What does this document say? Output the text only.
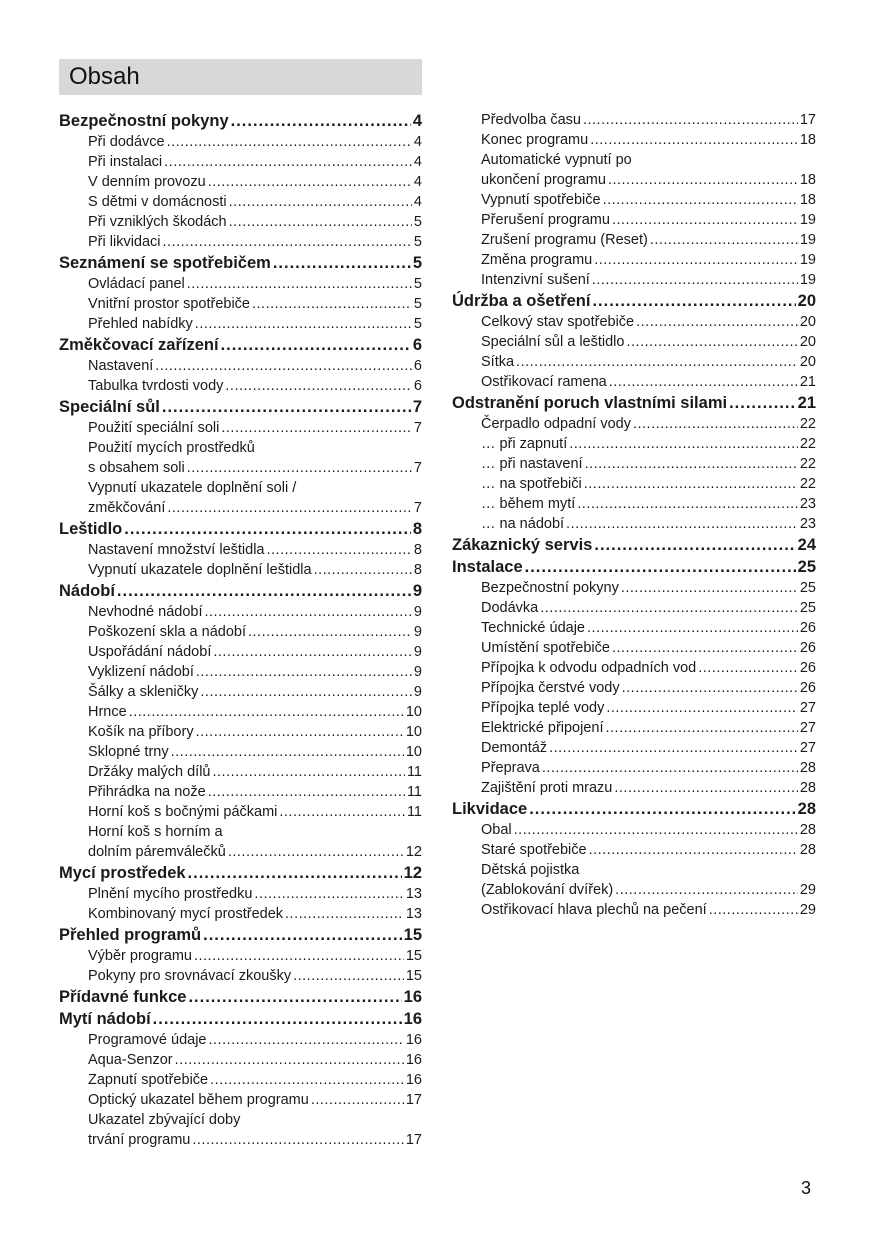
Obsah
Bezpečnostní pokyny .....	4
Při dodávce .....	4
Při instalaci .....	4
V denním provozu .....	4
S dětmi v domácnosti .....	4
Při vzniklých škodách .....	5
Při likvidaci .....	5
Seznámení se spotřebičem .....	5
Ovládací panel .....	5
Vnitřní prostor spotřebiče .....	5
Přehled nabídky .....	5
Změkčovací zařízení .....	6
Nastavení .....	6
Tabulka tvrdosti vody .....	6
Speciální sůl .....	7
Použití speciální soli .....	7
Použití mycích prostředků
s obsahem soli .....	7
Vypnutí ukazatele doplnění soli /
změkčování .....	7
Leštidlo .....	8
Nastavení množství leštidla .....	8
Vypnutí ukazatele doplnění leštidla .....	8
Nádobí .....	9
Nevhodné nádobí .....	9
Poškození skla a nádobí .....	9
Uspořádání nádobí .....	9
Vyklizení nádobí .....	9
Šálky a skleničky .....	9
Hrnce .....	10
Košík na příbory .....	10
Sklopné trny .....	10
Držáky malých dílů .....	11
Přihrádka na nože .....	11
Horní koš s bočnými páčkami .....	11
Horní koš s horním a
dolním páremválečků .....	12
Mycí prostředek .....	12
Plnění mycího prostředku .....	13
Kombinovaný mycí prostředek .....	13
Přehled programů .....	15
Výběr programu .....	15
Pokyny pro srovnávací zkoušky .....	15
Přídavné funkce .....	16
Mytí nádobí .....	16
Programové údaje .....	16
Aqua-Senzor .....	16
Zapnutí spotřebiče .....	16
Optický ukazatel během programu .....	17
Ukazatel zbývající doby
trvání programu .....	17
Předvolba času .....	17
Konec programu .....	18
Automatické vypnutí po
ukončení programu .....	18
Vypnutí spotřebiče .....	18
Přerušení programu .....	19
Zrušení programu (Reset) .....	19
Změna programu .....	19
Intenzivní sušení .....	19
Údržba a ošetření .....	20
Celkový stav spotřebiče .....	20
Speciální sůl a leštidlo .....	20
Sítka .....	20
Ostřikovací ramena .....	21
Odstranění poruch vlastními silami .....	21
Čerpadlo odpadní vody .....	22
… při zapnutí .....	22
… při nastavení .....	22
… na spotřebiči .....	22
… během mytí .....	23
… na nádobí .....	23
Zákaznický servis .....	24
Instalace .....	25
Bezpečnostní pokyny .....	25
Dodávka .....	25
Technické údaje .....	26
Umístění spotřebiče .....	26
Přípojka k odvodu odpadních vod .....	26
Přípojka čerstvé vody .....	26
Přípojka teplé vody .....	27
Elektrické připojení .....	27
Demontáž .....	27
Přeprava .....	28
Zajištění proti mrazu .....	28
Likvidace .....	28
Obal .....	28
Staré spotřebiče .....	28
Dětská pojistka
(Zablokování dvířek) .....	29
Ostřikovací hlava plechů na pečení .....	29
3
